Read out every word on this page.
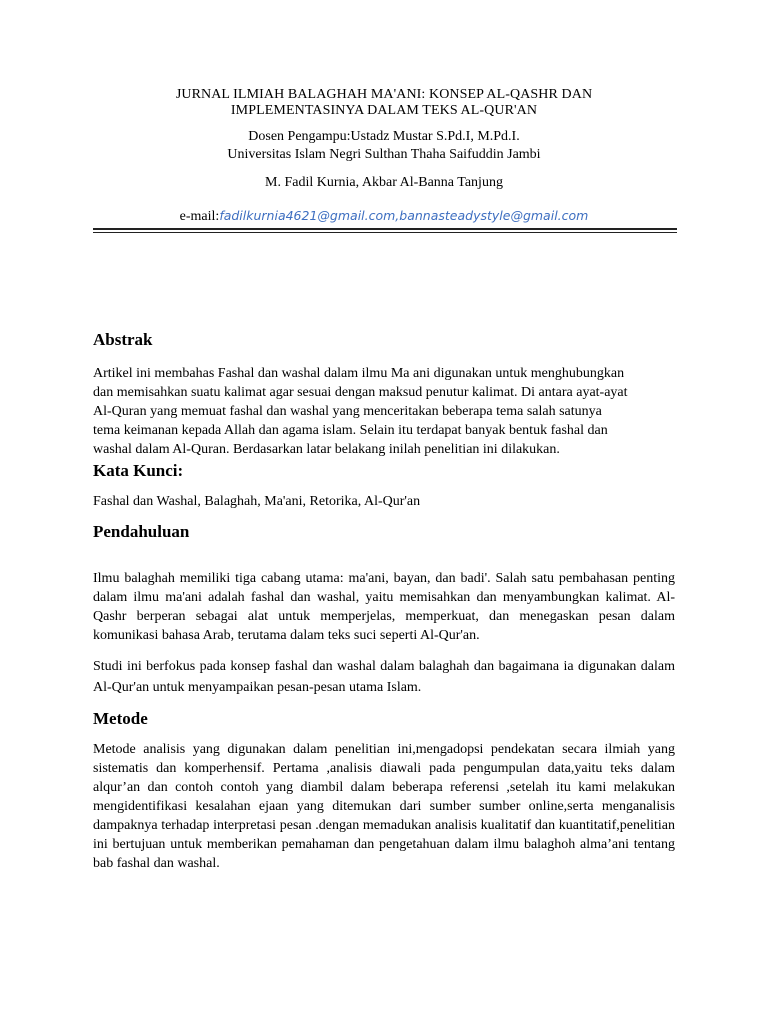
JURNAL ILMIAH BALAGHAH MA'ANI: KONSEP AL-QASHR DAN
IMPLEMENTASINYA DALAM TEKS AL-QUR'AN
Dosen Pengampu:Ustadz Mustar S.Pd.I, M.Pd.I.
Universitas Islam Negri Sulthan Thaha Saifuddin Jambi
M. Fadil Kurnia, Akbar Al-Banna Tanjung
e-mail:fadilkurnia4621@gmail.com,bannasteadystyle@gmail.com
Abstrak
Artikel ini membahas Fashal dan washal dalam ilmu Ma ani digunakan untuk menghubungkan
dan memisahkan suatu kalimat agar sesuai dengan maksud penutur kalimat. Di antara ayat-ayat
Al-Quran yang memuat fashal dan washal yang menceritakan beberapa tema salah satunya
tema keimanan kepada Allah dan agama islam. Selain itu terdapat banyak bentuk fashal dan
washal dalam Al-Quran. Berdasarkan latar belakang inilah penelitian ini dilakukan.
Kata Kunci:

Fashal dan Washal, Balaghah, Ma'ani, Retorika, Al-Qur'an

Pendahuluan

Ilmu balaghah memiliki tiga cabang utama: ma'ani, bayan, dan badi'. Salah satu pembahasan penting dalam ilmu ma'ani adalah fashal dan washal, yaitu memisahkan dan menyambungkan kalimat. Al-Qashr berperan sebagai alat untuk memperjelas, memperkuat, dan menegaskan pesan dalam komunikasi bahasa Arab, terutama dalam teks suci seperti Al-Qur'an.

Studi ini berfokus pada konsep fashal dan washal dalam balaghah dan bagaimana ia digunakan dalam Al-Qur'an untuk menyampaikan pesan-pesan utama Islam.

Metode

Metode analisis yang digunakan dalam penelitian ini,mengadopsi pendekatan secara ilmiah yang sistematis dan komperhensif. Pertama ,analisis diawali pada pengumpulan data,yaitu teks dalam alqur’an dan contoh contoh yang diambil dalam beberapa referensi ,setelah itu kami melakukan mengidentifikasi kesalahan ejaan yang ditemukan dari sumber sumber online,serta menganalisis dampaknya terhadap interpretasi pesan .dengan memadukan analisis kualitatif dan kuantitatif,penelitian ini bertujuan untuk memberikan pemahaman dan pengetahuan dalam ilmu balaghoh alma’ani tentang bab fashal dan washal.
